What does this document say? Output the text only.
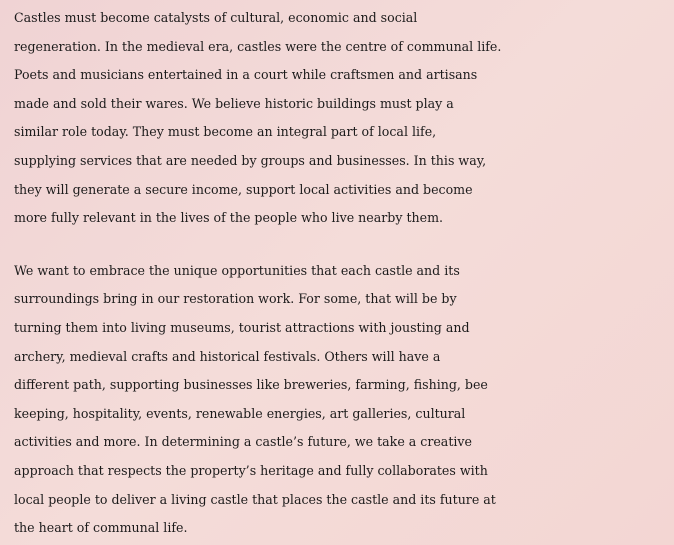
Castles must become catalysts of cultural, economic and social
regeneration. In the medieval era, castles were the centre of communal life.
Poets and musicians entertained in a court while craftsmen and artisans
made and sold their wares. We believe historic buildings must play a
similar role today. They must become an integral part of local life,
supplying services that are needed by groups and businesses. In this way,
they will generate a secure income, support local activities and become
more fully relevant in the lives of the people who live nearby them.

We want to embrace the unique opportunities that each castle and its
surroundings bring in our restoration work. For some, that will be by
turning them into living museums, tourist attractions with jousting and
archery, medieval crafts and historical festivals. Others will have a
different path, supporting businesses like breweries, farming, fishing, bee
keeping, hospitality, events, renewable energies, art galleries, cultural
activities and more. In determining a castle’s future, we take a creative
approach that respects the property’s heritage and fully collaborates with
local people to deliver a living castle that places the castle and its future at
the heart of communal life.
